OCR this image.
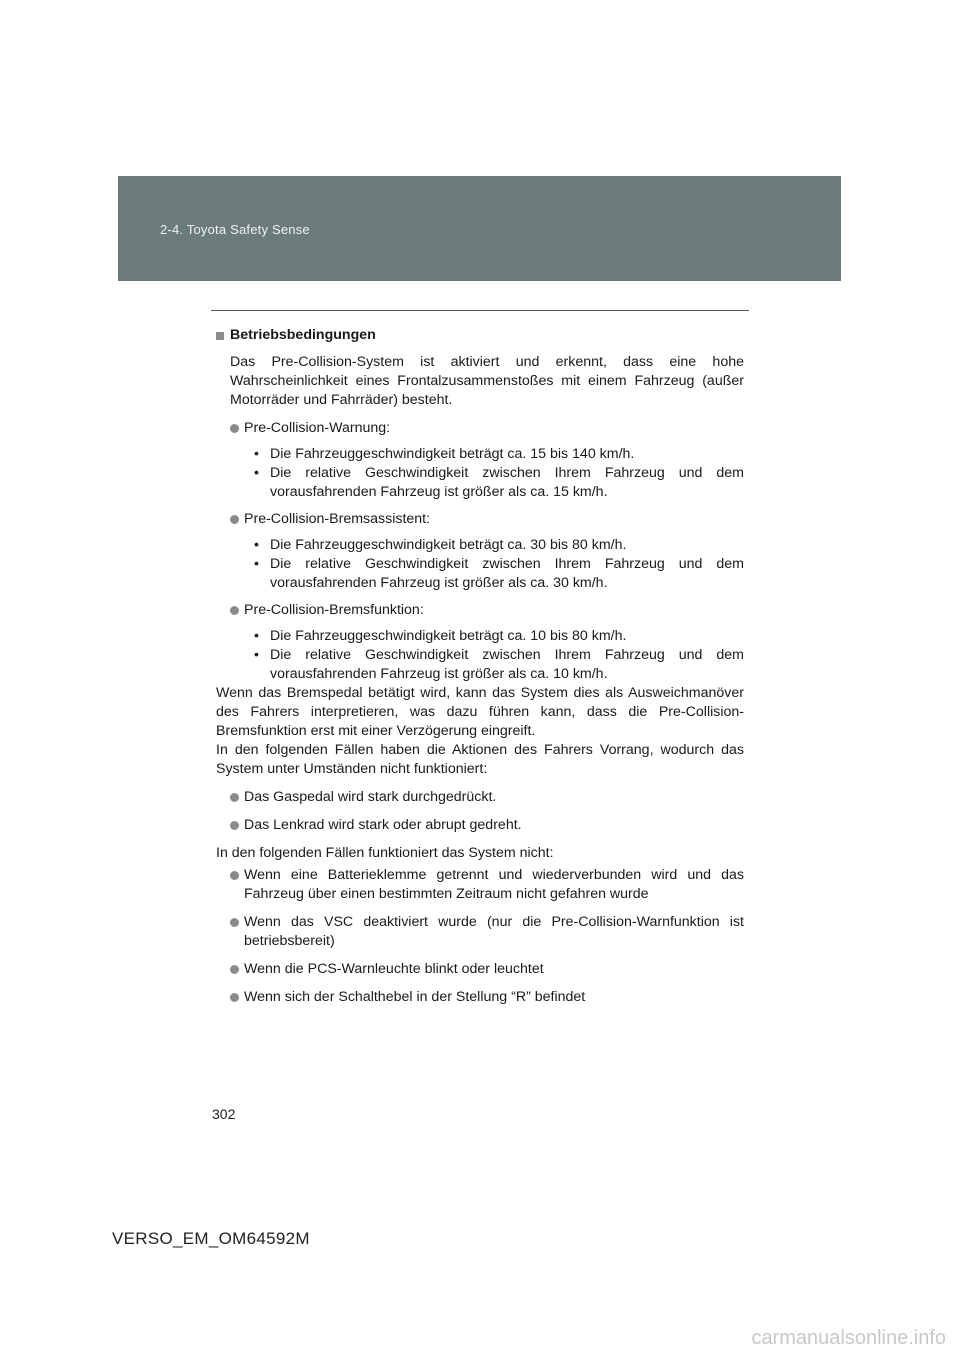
2-4. Toyota Safety Sense
Betriebsbedingungen

Das Pre-Collision-System ist aktiviert und erkennt, dass eine hohe Wahrscheinlichkeit eines Frontalzusammenstoßes mit einem Fahrzeug (außer Motorräder und Fahrräder) besteht.

Pre-Collision-Warnung:
• Die Fahrzeuggeschwindigkeit beträgt ca. 15 bis 140 km/h.
• Die relative Geschwindigkeit zwischen Ihrem Fahrzeug und dem vorausfahrenden Fahrzeug ist größer als ca. 15 km/h.
Pre-Collision-Bremsassistent:
• Die Fahrzeuggeschwindigkeit beträgt ca. 30 bis 80 km/h.
• Die relative Geschwindigkeit zwischen Ihrem Fahrzeug und dem vorausfahrenden Fahrzeug ist größer als ca. 30 km/h.
Pre-Collision-Bremsfunktion:
• Die Fahrzeuggeschwindigkeit beträgt ca. 10 bis 80 km/h.
• Die relative Geschwindigkeit zwischen Ihrem Fahrzeug und dem vorausfahrenden Fahrzeug ist größer als ca. 10 km/h.

Wenn das Bremspedal betätigt wird, kann das System dies als Ausweichmanöver des Fahrers interpretieren, was dazu führen kann, dass die Pre-Collision-Bremsfunktion erst mit einer Verzögerung eingreift.

In den folgenden Fällen haben die Aktionen des Fahrers Vorrang, wodurch das System unter Umständen nicht funktioniert:

Das Gaspedal wird stark durchgedrückt.
Das Lenkrad wird stark oder abrupt gedreht.

In den folgenden Fällen funktioniert das System nicht:

Wenn eine Batterieklemme getrennt und wiederverbunden wird und das Fahrzeug über einen bestimmten Zeitraum nicht gefahren wurde
Wenn das VSC deaktiviert wurde (nur die Pre-Collision-Warnfunktion ist betriebsbereit)
Wenn die PCS-Warnleuchte blinkt oder leuchtet
Wenn sich der Schalthebel in der Stellung “R” befindet
302
VERSO_EM_OM64592M
carmanualsonline.info
